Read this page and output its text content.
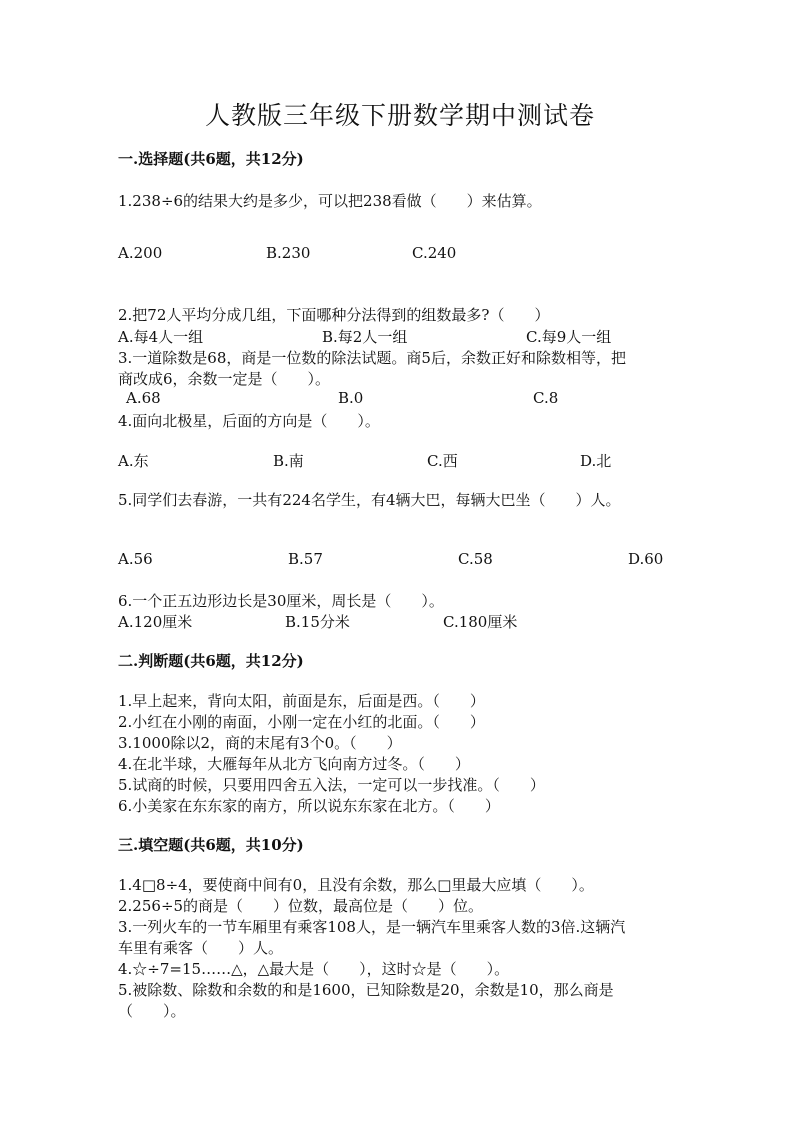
人教版三年级下册数学期中测试卷
一.选择题(共6题，共12分)
1.238÷6的结果大约是多少，可以把238看做（　　）来估算。
A.200	B.230	C.240
2.把72人平均分成几组，下面哪种分法得到的组数最多?（　　）
A.每4人一组	B.每2人一组	C.每9人一组
3.一道除数是68，商是一位数的除法试题。商5后，余数正好和除数相等，把
商改成6，余数一定是（　　）。
A.68	B.0	C.8
4.面向北极星，后面的方向是（　　）。
A.东	B.南	C.西	D.北
5.同学们去春游，一共有224名学生，有4辆大巴，每辆大巴坐（　　）人。
A.56	B.57	C.58	D.60
6.一个正五边形边长是30厘米，周长是（　　）。
A.120厘米	B.15分米	C.180厘米
二.判断题(共6题，共12分)
1.早上起来，背向太阳，前面是东，后面是西。（　　）
2.小红在小刚的南面，小刚一定在小红的北面。（　　）
3.1000除以2，商的末尾有3个0。（　　）
4.在北半球，大雁每年从北方飞向南方过冬。（　　）
5.试商的时候，只要用四舍五入法，一定可以一步找准。（　　）
6.小美家在东东家的南方，所以说东东家在北方。（　　）
三.填空题(共6题，共10分)
1.4□8÷4，要使商中间有0，且没有余数，那么□里最大应填（　　）。
2.256÷5的商是（　　）位数，最高位是（　　）位。
3.一列火车的一节车厢里有乘客108人，是一辆汽车里乘客人数的3倍.这辆汽
车里有乘客（　　）人。
4.☆÷7=15……△，△最大是（　　），这时☆是（　　）。
5.被除数、除数和余数的和是1600，已知除数是20，余数是10，那么商是
（　　）。
